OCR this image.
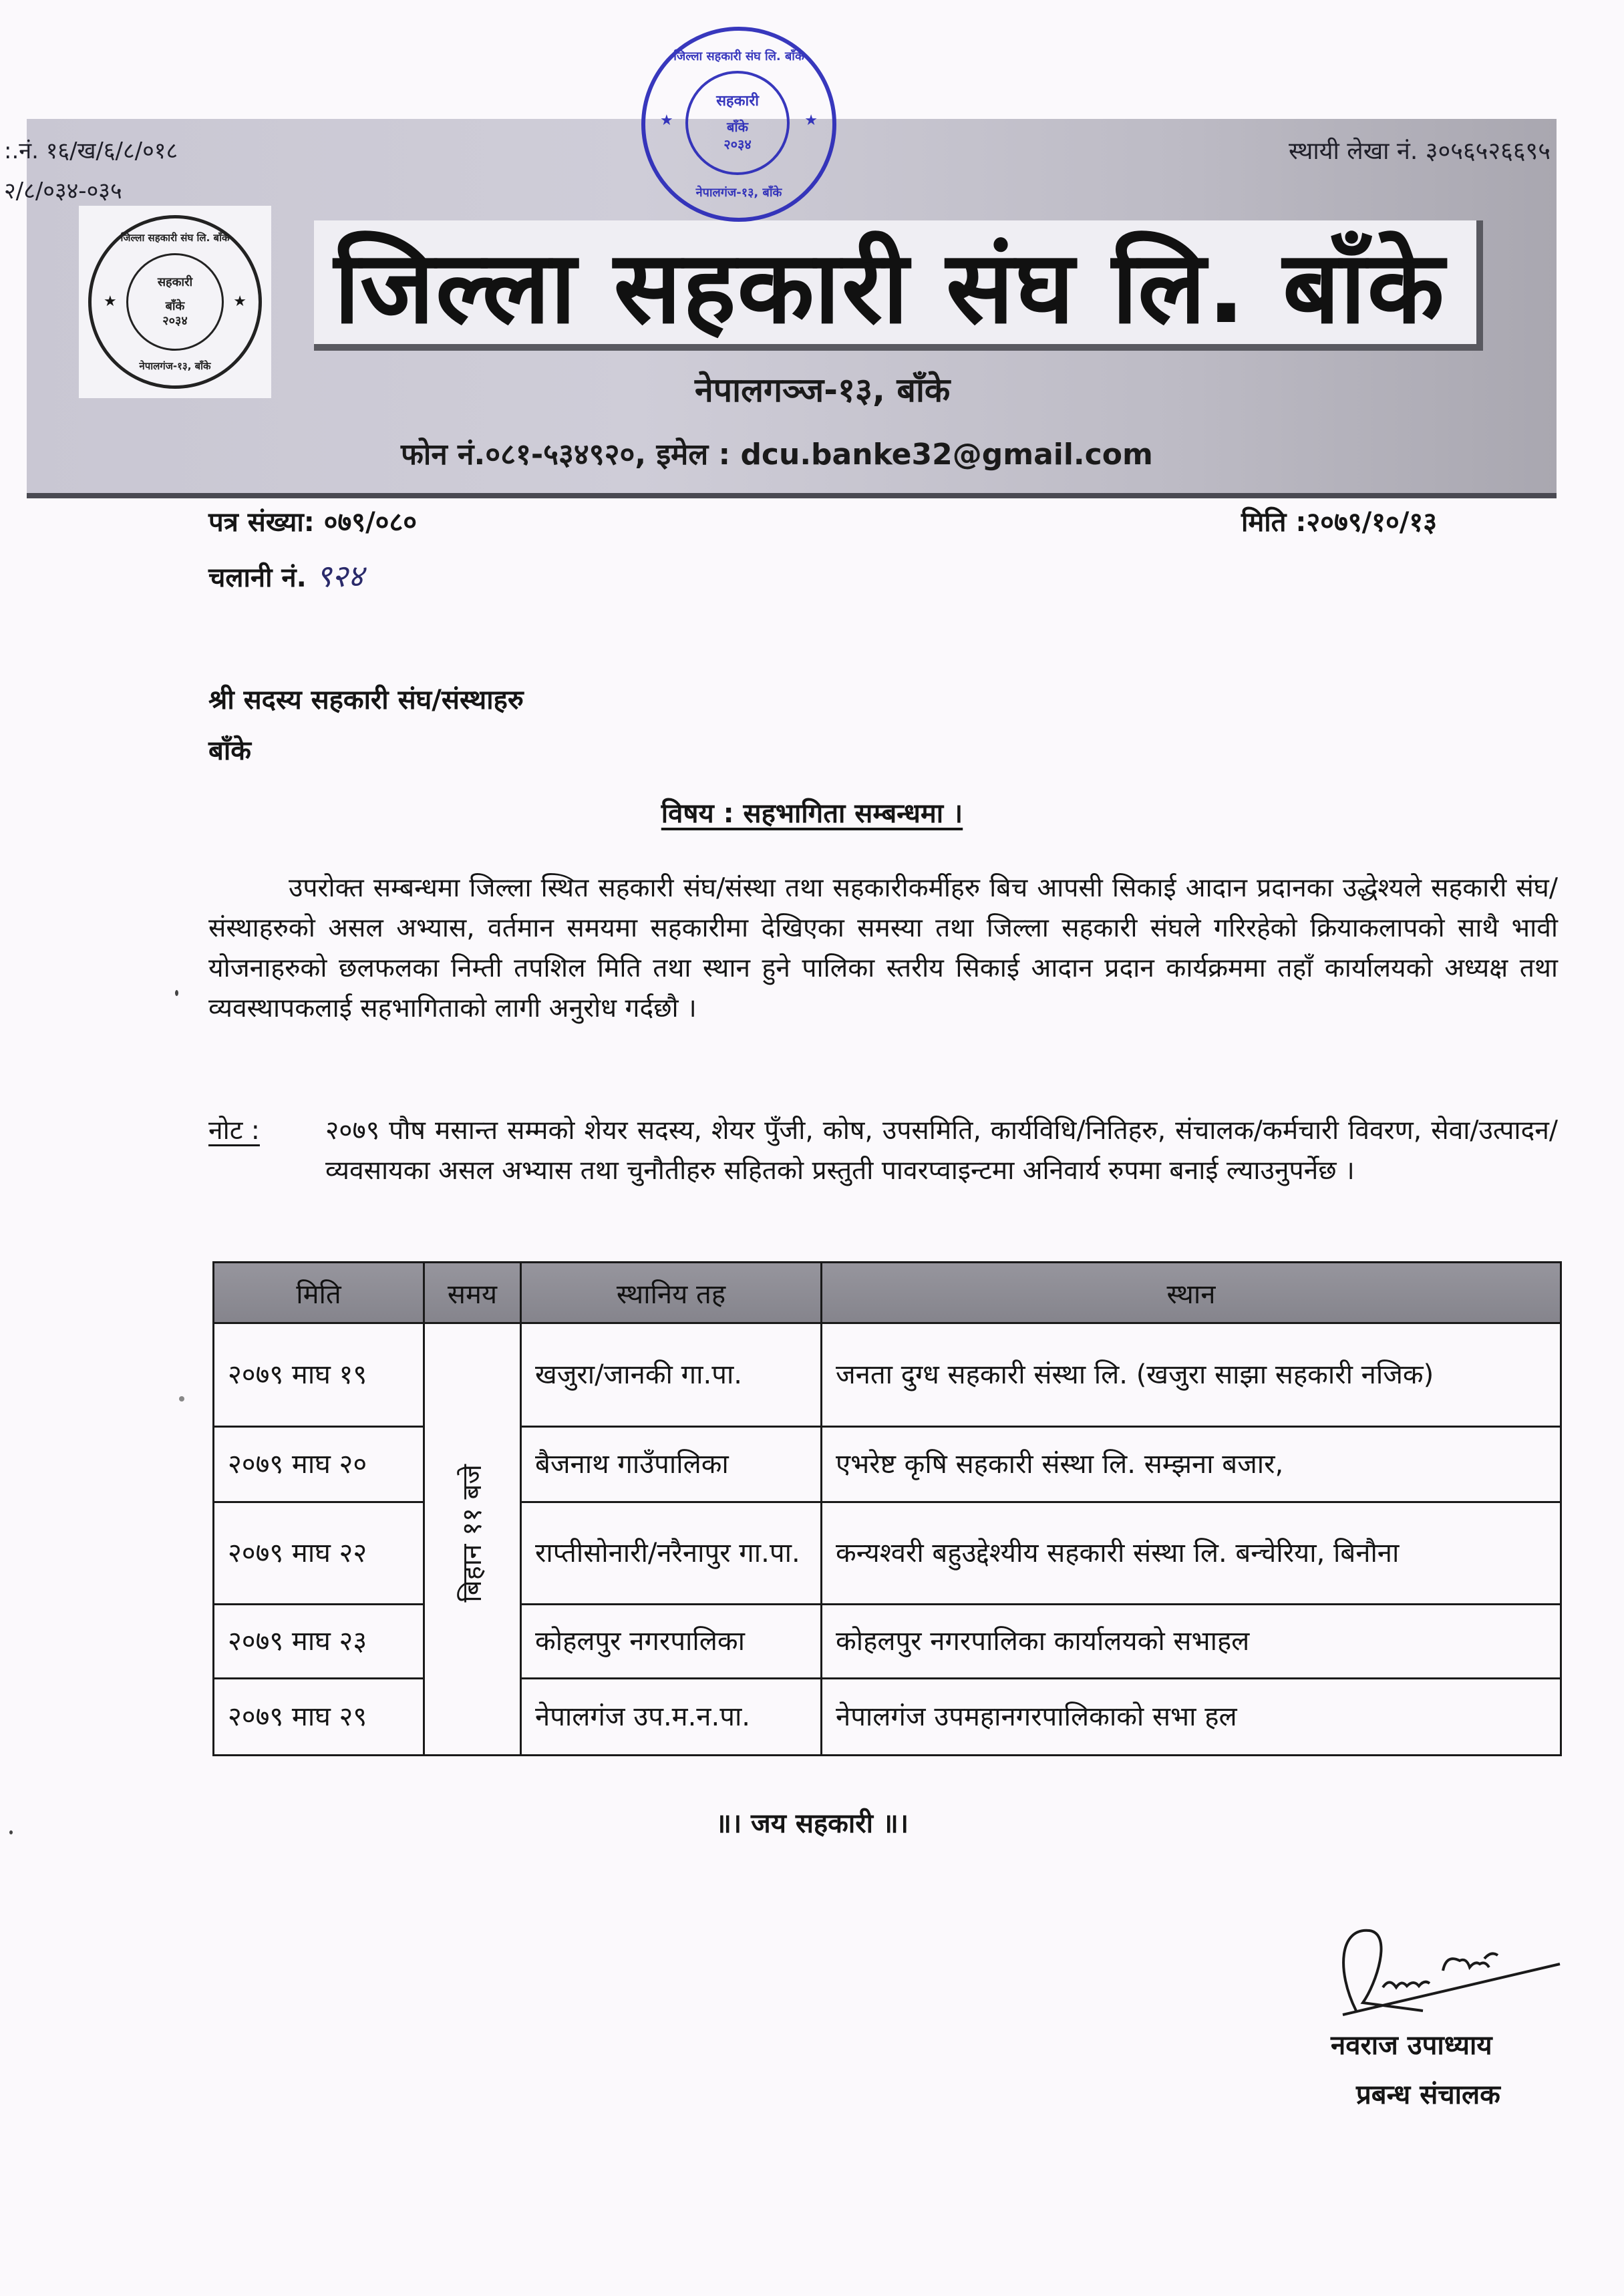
:.नं. १६/ख/६/८/०१८
२/८/०३४-०३५
स्थायी लेखा नं. ३०५६५२६६९५
जिल्ला सहकारी संघ लि. बाँके
सहकारी
बाँके
२०३४
नेपालगंज-१३, बाँके
★	★ जिल्ला सहकारी संघ लि. बाँके
जिल्ला सहकारी संघ लि. बाँके
सहकारी
बाँके
२०३४
नेपालगंज-१३, बाँके
★	★
नेपालगञ्ज-१३, बाँके
फोन नं.०८१-५३४९२०, इमेल : dcu.banke32@gmail.com
पत्र संख्या: ०७९/०८०
चलानी नं. ९२४
मिति :२०७९/१०/१३
श्री सदस्य सहकारी संघ/संस्थाहरु
बाँके
विषय : सहभागिता सम्बन्धमा ।
उपरोक्त सम्बन्धमा जिल्ला स्थित सहकारी संघ/संस्था तथा सहकारीकर्मीहरु बिच आपसी सिकाई आदान प्रदानका उद्धेश्यले सहकारी संघ/संस्थाहरुको असल अभ्यास, वर्तमान समयमा सहकारीमा देखिएका समस्या तथा जिल्ला सहकारी संघले गरिरहेको क्रियाकलापको साथै भावी योजनाहरुको छलफलका निम्ती तपशिल मिति तथा स्थान हुने पालिका स्तरीय सिकाई आदान प्रदान कार्यक्रममा तहाँ कार्यालयको अध्यक्ष तथा व्यवस्थापकलाई सहभागिताको लागी अनुरोध गर्दछौ ।
नोट :	२०७९ पौष मसान्त सम्मको शेयर सदस्य, शेयर पुँजी, कोष, उपसमिति, कार्यविधि/नितिहरु, संचालक/कर्मचारी विवरण, सेवा/उत्पादन/व्यवसायका असल अभ्यास तथा चुनौतीहरु सहितको प्रस्तुती पावरप्वाइन्टमा अनिवार्य रुपमा बनाई ल्याउनुपर्नेछ ।
मिति	समय	स्थानिय तह	स्थान
२०७९ माघ १९	बिहान ११ बजे	खजुरा/जानकी गा.पा.	जनता दुग्ध सहकारी संस्था लि. (खजुरा साझा सहकारी नजिक)
२०७९ माघ २०		बैजनाथ गाउँपालिका	एभरेष्ट कृषि सहकारी संस्था लि. सम्झना बजार,
२०७९ माघ २२		राप्तीसोनारी/नरैनापुर गा.पा.	कन्यश्वरी बहुउद्देश्यीय सहकारी संस्था लि. बन्चेरिया, बिनौना
२०७९ माघ २३		कोहलपुर नगरपालिका	कोहलपुर नगरपालिका कार्यालयको सभाहल
२०७९ माघ २९		नेपालगंज उप.म.न.पा.	नेपालगंज उपमहानगरपालिकाको सभा हल
॥। जय सहकारी ॥।
नवराज उपाध्याय
प्रबन्ध संचालक
